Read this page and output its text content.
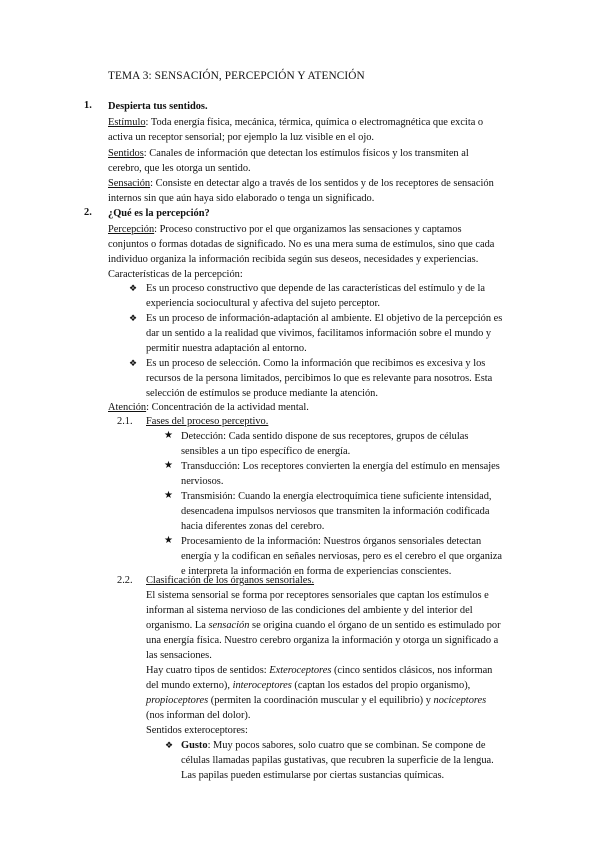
TEMA 3: SENSACIÓN, PERCEPCIÓN Y ATENCIÓN
1. Despierta tus sentidos.
Estímulo: Toda energía física, mecánica, térmica, química o electromagnética que excita o
activa un receptor sensorial; por ejemplo la luz visible en el ojo.
Sentidos: Canales de información que detectan los estímulos físicos y los transmiten al
cerebro, que les otorga un sentido.
Sensación: Consiste en detectar algo a través de los sentidos y de los receptores de sensación
internos sin que aún haya sido elaborado o tenga un significado.
2. ¿Qué es la percepción?
Percepción: Proceso constructivo por el que organizamos las sensaciones y captamos
conjuntos o formas dotadas de significado. No es una mera suma de estímulos, sino que cada
individuo organiza la información recibida según sus deseos, necesidades y experiencias.
Características de la percepción:
❖ Es un proceso constructivo que depende de las características del estímulo y de la
experiencia sociocultural y afectiva del sujeto perceptor.
❖ Es un proceso de información-adaptación al ambiente. El objetivo de la percepción es
dar un sentido a la realidad que vivimos, facilitamos información sobre el mundo y
permitir nuestra adaptación al entorno.
❖ Es un proceso de selección. Como la información que recibimos es excesiva y los
recursos de la persona limitados, percibimos lo que es relevante para nosotros. Esta
selección de estímulos se produce mediante la atención.
Atención: Concentración de la actividad mental.
2.1. Fases del proceso perceptivo.
★ Detección: Cada sentido dispone de sus receptores, grupos de células
sensibles a un tipo específico de energía.
★ Transducción: Los receptores convierten la energía del estímulo en mensajes
nerviosos.
★ Transmisión: Cuando la energía electroquímica tiene suficiente intensidad,
desencadena impulsos nerviosos que transmiten la información codificada
hacia diferentes zonas del cerebro.
★ Procesamiento de la información: Nuestros órganos sensoriales detectan
energía y la codifican en señales nerviosas, pero es el cerebro el que organiza
e interpreta la información en forma de experiencias conscientes.
2.2. Clasificación de los órganos sensoriales.
El sistema sensorial se forma por receptores sensoriales que captan los estímulos e
informan al sistema nervioso de las condiciones del ambiente y del interior del
organismo. La sensación se origina cuando el órgano de un sentido es estimulado por
una energía física. Nuestro cerebro organiza la información y otorga un significado a
las sensaciones.
Hay cuatro tipos de sentidos: Exteroceptores (cinco sentidos clásicos, nos informan
del mundo externo), interoceptores (captan los estados del propio organismo),
propioceptores (permiten la coordinación muscular y el equilibrio) y nociceptores
(nos informan del dolor).
Sentidos exteroceptores:
❖ Gusto: Muy pocos sabores, solo cuatro que se combinan. Se compone de
células llamadas papilas gustativas, que recubren la superficie de la lengua.
Las papilas pueden estimularse por ciertas sustancias químicas.
